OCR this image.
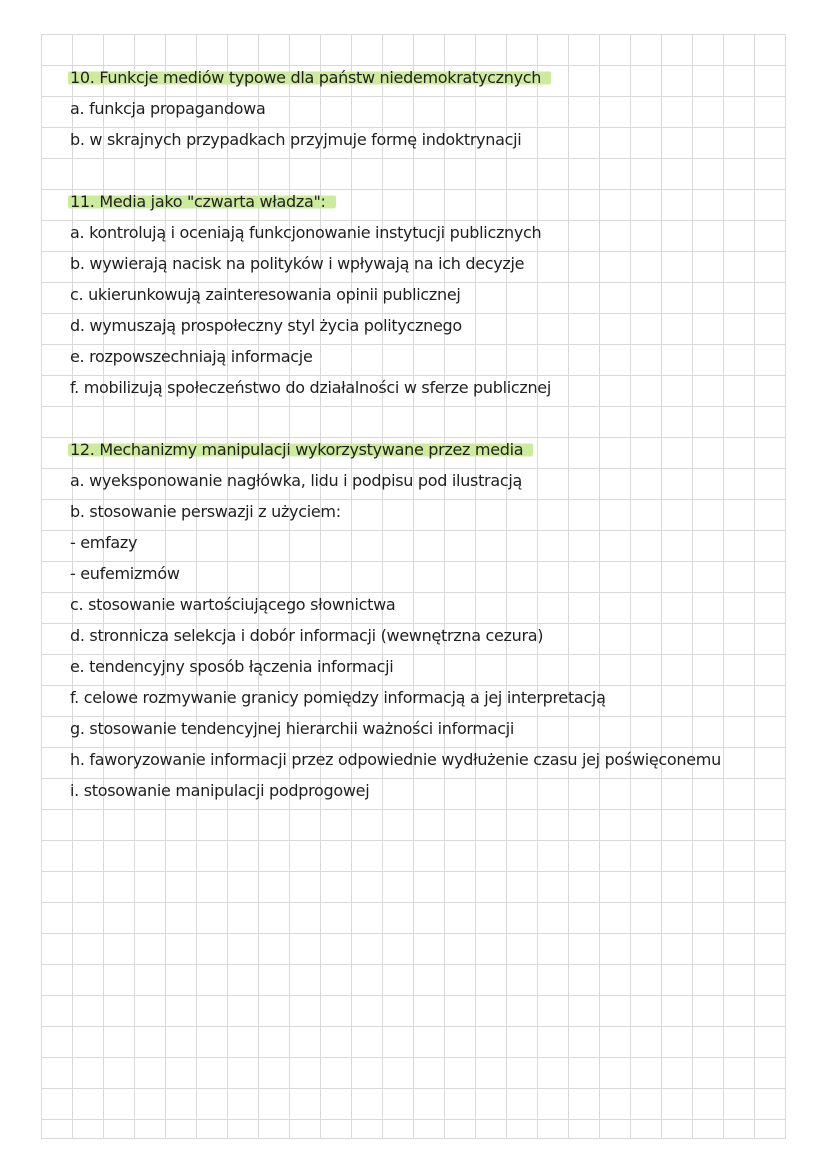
10. Funkcje mediów typowe dla państw niedemokratycznych
a. funkcja propagandowa
b. w skrajnych przypadkach przyjmuje formę indoktrynacji
11. Media jako "czwarta władza":
a. kontrolują i oceniają funkcjonowanie instytucji publicznych
b. wywierają nacisk na polityków i wpływają na ich decyzje
c. ukierunkowują zainteresowania opinii publicznej
d. wymuszają prospołeczny styl życia politycznego
e. rozpowszechniają informacje
f. mobilizują społeczeństwo do działalności w sferze publicznej
12. Mechanizmy manipulacji wykorzystywane przez media
a. wyeksponowanie nagłówka, lidu i podpisu pod ilustracją
b. stosowanie perswazji z użyciem:
- emfazy
- eufemizmów
c. stosowanie wartościującego słownictwa
d. stronnicza selekcja i dobór informacji (wewnętrzna cezura)
e. tendencyjny sposób łączenia informacji
f. celowe rozmywanie granicy pomiędzy informacją a jej interpretacją
g. stosowanie tendencyjnej hierarchii ważności informacji
h. faworyzowanie informacji przez odpowiednie wydłużenie czasu jej poświęconemu
i. stosowanie manipulacji podprogowej
